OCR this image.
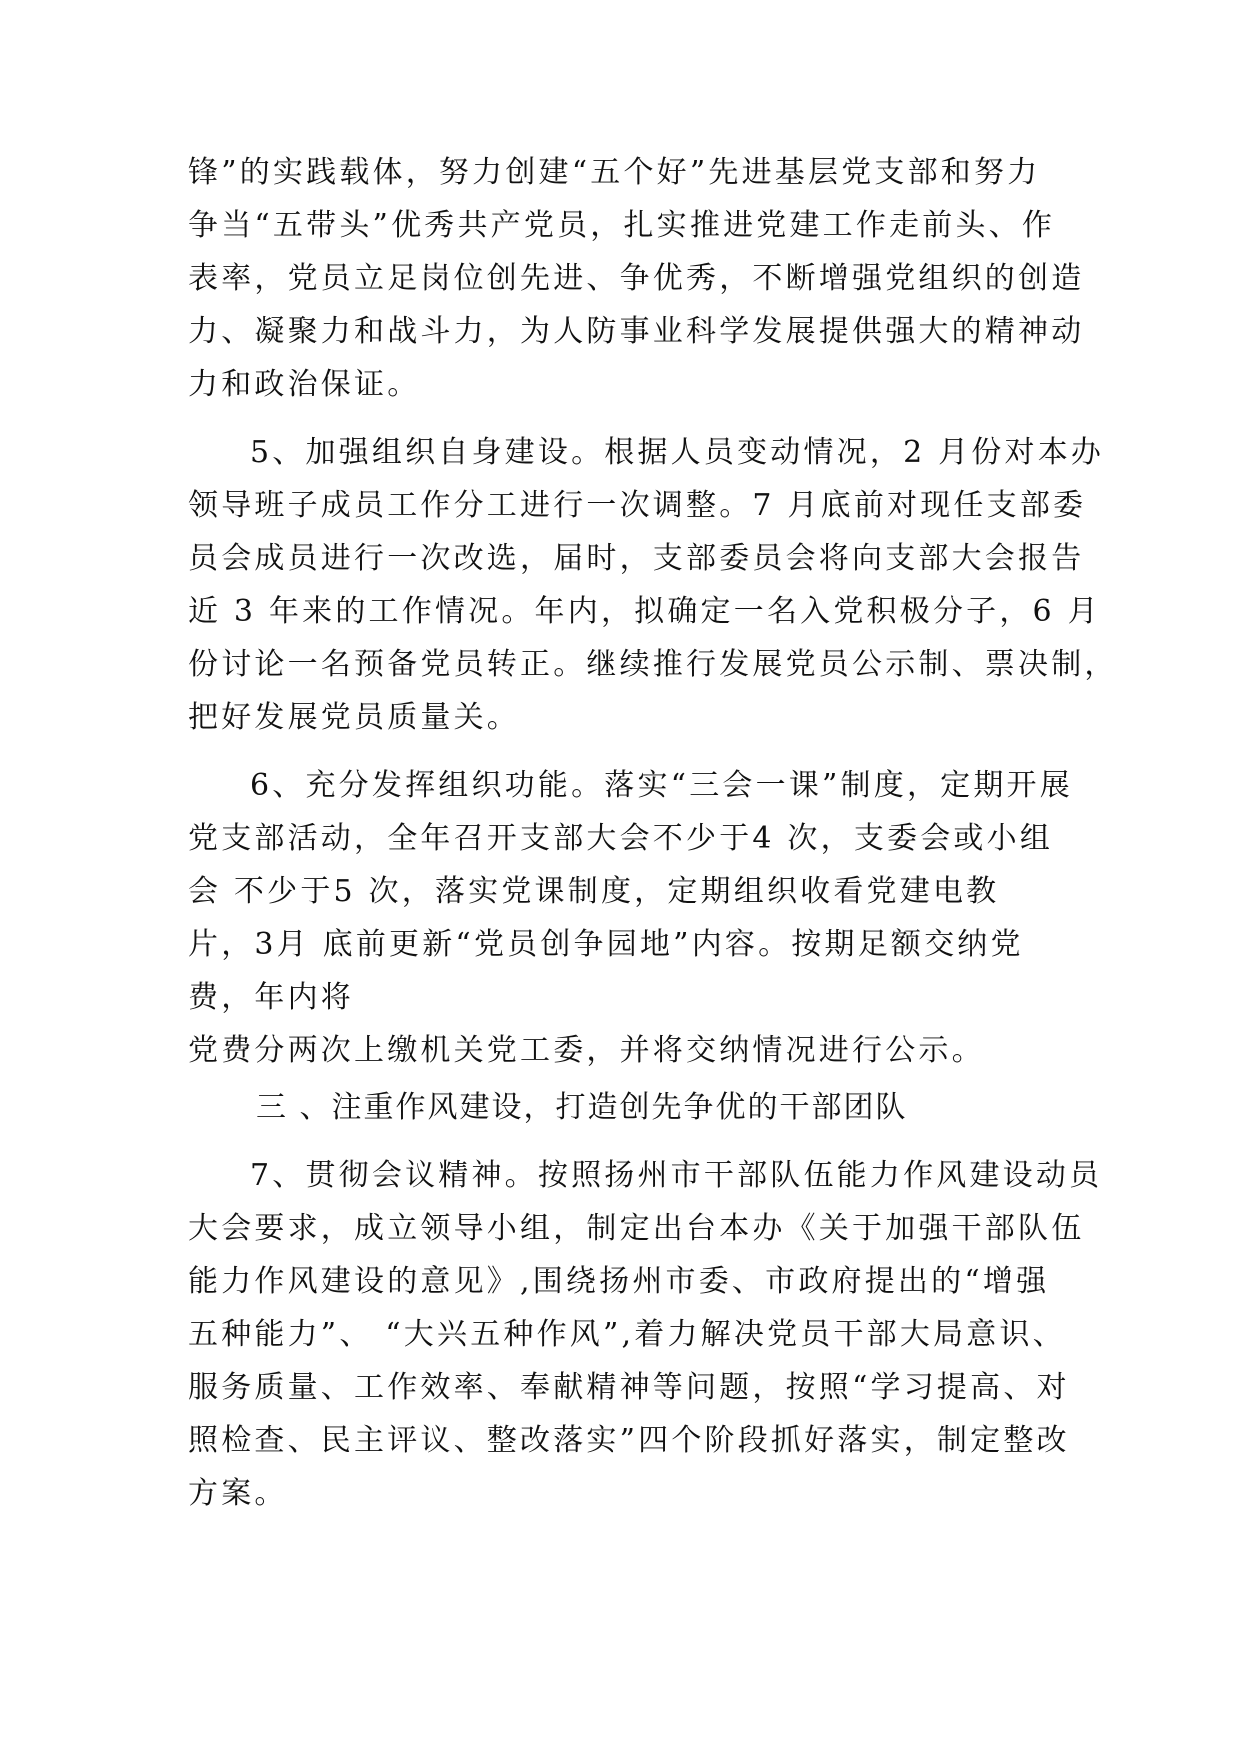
锋”的实践载体，努力创建“五个好”先进基层党支部和努力
争当“五带头”优秀共产党员，扎实推进党建工作走前头、作
表率，党员立足岗位创先进、争优秀，不断增强党组织的创造
力、凝聚力和战斗力，为人防事业科学发展提供强大的精神动
力和政治保证。
5、加强组织自身建设。根据人员变动情况，2 月份对本办
领导班子成员工作分工进行一次调整。7 月底前对现任支部委
员会成员进行一次改选，届时，支部委员会将向支部大会报告
近 3 年来的工作情况。年内，拟确定一名入党积极分子，6 月
份讨论一名预备党员转正。继续推行发展党员公示制、票决制，
把好发展党员质量关。
6、充分发挥组织功能。落实“三会一课”制度，定期开展
党支部活动，全年召开支部大会不少于4 次，支委会或小组
会 不少于5 次，落实党课制度，定期组织收看党建电教
片，3月 底前更新“党员创争园地”内容。按期足额交纳党
费，年内将
党费分两次上缴机关党工委，并将交纳情况进行公示。
三 、注重作风建设，打造创先争优的干部团队
7、贯彻会议精神。按照扬州市干部队伍能力作风建设动员
大会要求，成立领导小组，制定出台本办《关于加强干部队伍
能力作风建设的意见》,围绕扬州市委、市政府提出的“增强
五种能力”、 “大兴五种作风”,着力解决党员干部大局意识、
服务质量、工作效率、奉献精神等问题，按照“学习提高、对
照检查、民主评议、整改落实”四个阶段抓好落实，制定整改
方案。
